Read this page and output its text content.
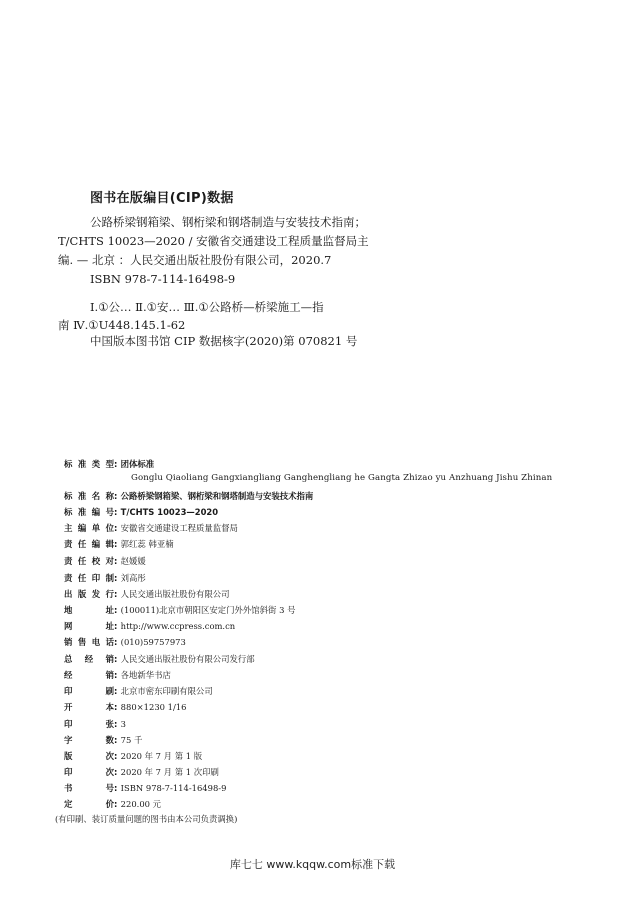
图书在版编目(CIP)数据
公路桥梁钢箱梁、钢桁梁和钢塔制造与安装技术指南；
T/CHTS 10023—2020 / 安徽省交通建设工程质量监督局主
编. — 北京 ：人民交通出版社股份有限公司，2020.7
ISBN 978-7-114-16498-9
Ⅰ.①公… Ⅱ.①安… Ⅲ.①公路桥—桥梁施工—指
南 Ⅳ.①U448.145.1-62
中国版本图书馆 CIP 数据核字(2020)第 070821 号
标准类型: 团体标准
Gonglu Qiaoliang Gangxiangliang Ganghengliang he Gangta Zhizao yu Anzhuang Jishu Zhinan
标准名称: 公路桥梁钢箱梁、钢桁梁和钢塔制造与安装技术指南
标准编号: T/CHTS 10023—2020
主编单位: 安徽省交通建设工程质量监督局
责任编辑: 郭红蕊 韩亚楠
责任校对: 赵媛媛
责任印制: 刘高彤
出版发行: 人民交通出版社股份有限公司
地址: (100011)北京市朝阳区安定门外外馆斜街 3 号
网址: http://www.ccpress.com.cn
销售电话: (010)59757973
总经销: 人民交通出版社股份有限公司发行部
经销: 各地新华书店
印刷: 北京市密东印刷有限公司
开本: 880×1230 1/16
印张: 3
字数: 75 千
版次: 2020 年 7 月 第 1 版
印次: 2020 年 7 月 第 1 次印刷
书号: ISBN 978-7-114-16498-9
定价: 220.00 元
(有印刷、装订质量问题的图书由本公司负责调换)
库七七 www.kqqw.com标准下载
